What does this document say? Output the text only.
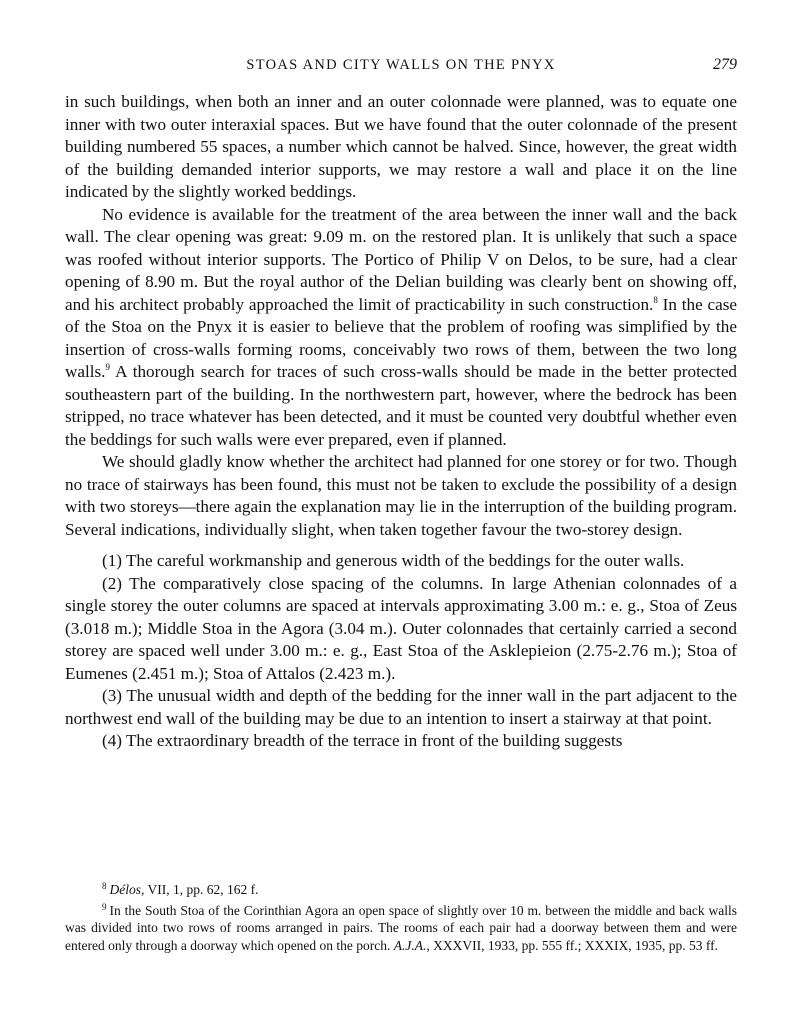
STOAS AND CITY WALLS ON THE PNYX	279

in such buildings, when both an inner and an outer colonnade were planned, was to equate one inner with two outer interaxial spaces. But we have found that the outer colonnade of the present building numbered 55 spaces, a number which cannot be halved. Since, however, the great width of the building demanded interior supports, we may restore a wall and place it on the line indicated by the slightly worked beddings.

No evidence is available for the treatment of the area between the inner wall and the back wall. The clear opening was great: 9.09 m. on the restored plan. It is unlikely that such a space was roofed without interior supports. The Portico of Philip V on Delos, to be sure, had a clear opening of 8.90 m. But the royal author of the Delian building was clearly bent on showing off, and his architect probably approached the limit of practicability in such construction.$^8$ In the case of the Stoa on the Pnyx it is easier to believe that the problem of roofing was simplified by the insertion of cross-walls forming rooms, conceivably two rows of them, between the two long walls.$^9$ A thorough search for traces of such cross-walls should be made in the better protected southeastern part of the building. In the northwestern part, however, where the bedrock has been stripped, no trace whatever has been detected, and it must be counted very doubtful whether even the beddings for such walls were ever prepared, even if planned.

We should gladly know whether the architect had planned for one storey or for two. Though no trace of stairways has been found, this must not be taken to exclude the possibility of a design with two storeys—there again the explanation may lie in the interruption of the building program. Several indications, individually slight, when taken together favour the two-storey design.

(1) The careful workmanship and generous width of the beddings for the outer walls.

(2) The comparatively close spacing of the columns. In large Athenian colonnades of a single storey the outer columns are spaced at intervals approximating 3.00 m.: e. g., Stoa of Zeus (3.018 m.); Middle Stoa in the Agora (3.04 m.). Outer colonnades that certainly carried a second storey are spaced well under 3.00 m.: e. g., East Stoa of the Asklepieion (2.75-2.76 m.); Stoa of Eumenes (2.451 m.); Stoa of Attalos (2.423 m.).

(3) The unusual width and depth of the bedding for the inner wall in the part adjacent to the northwest end wall of the building may be due to an intention to insert a stairway at that point.

(4) The extraordinary breadth of the terrace in front of the building suggests

$^8$ Délos, VII, 1, pp. 62, 162 f.

$^9$ In the South Stoa of the Corinthian Agora an open space of slightly over 10 m. between the middle and back walls was divided into two rows of rooms arranged in pairs. The rooms of each pair had a doorway between them and were entered only through a doorway which opened on the porch. A.J.A., XXXVII, 1933, pp. 555 ff.; XXXIX, 1935, pp. 53 ff.
